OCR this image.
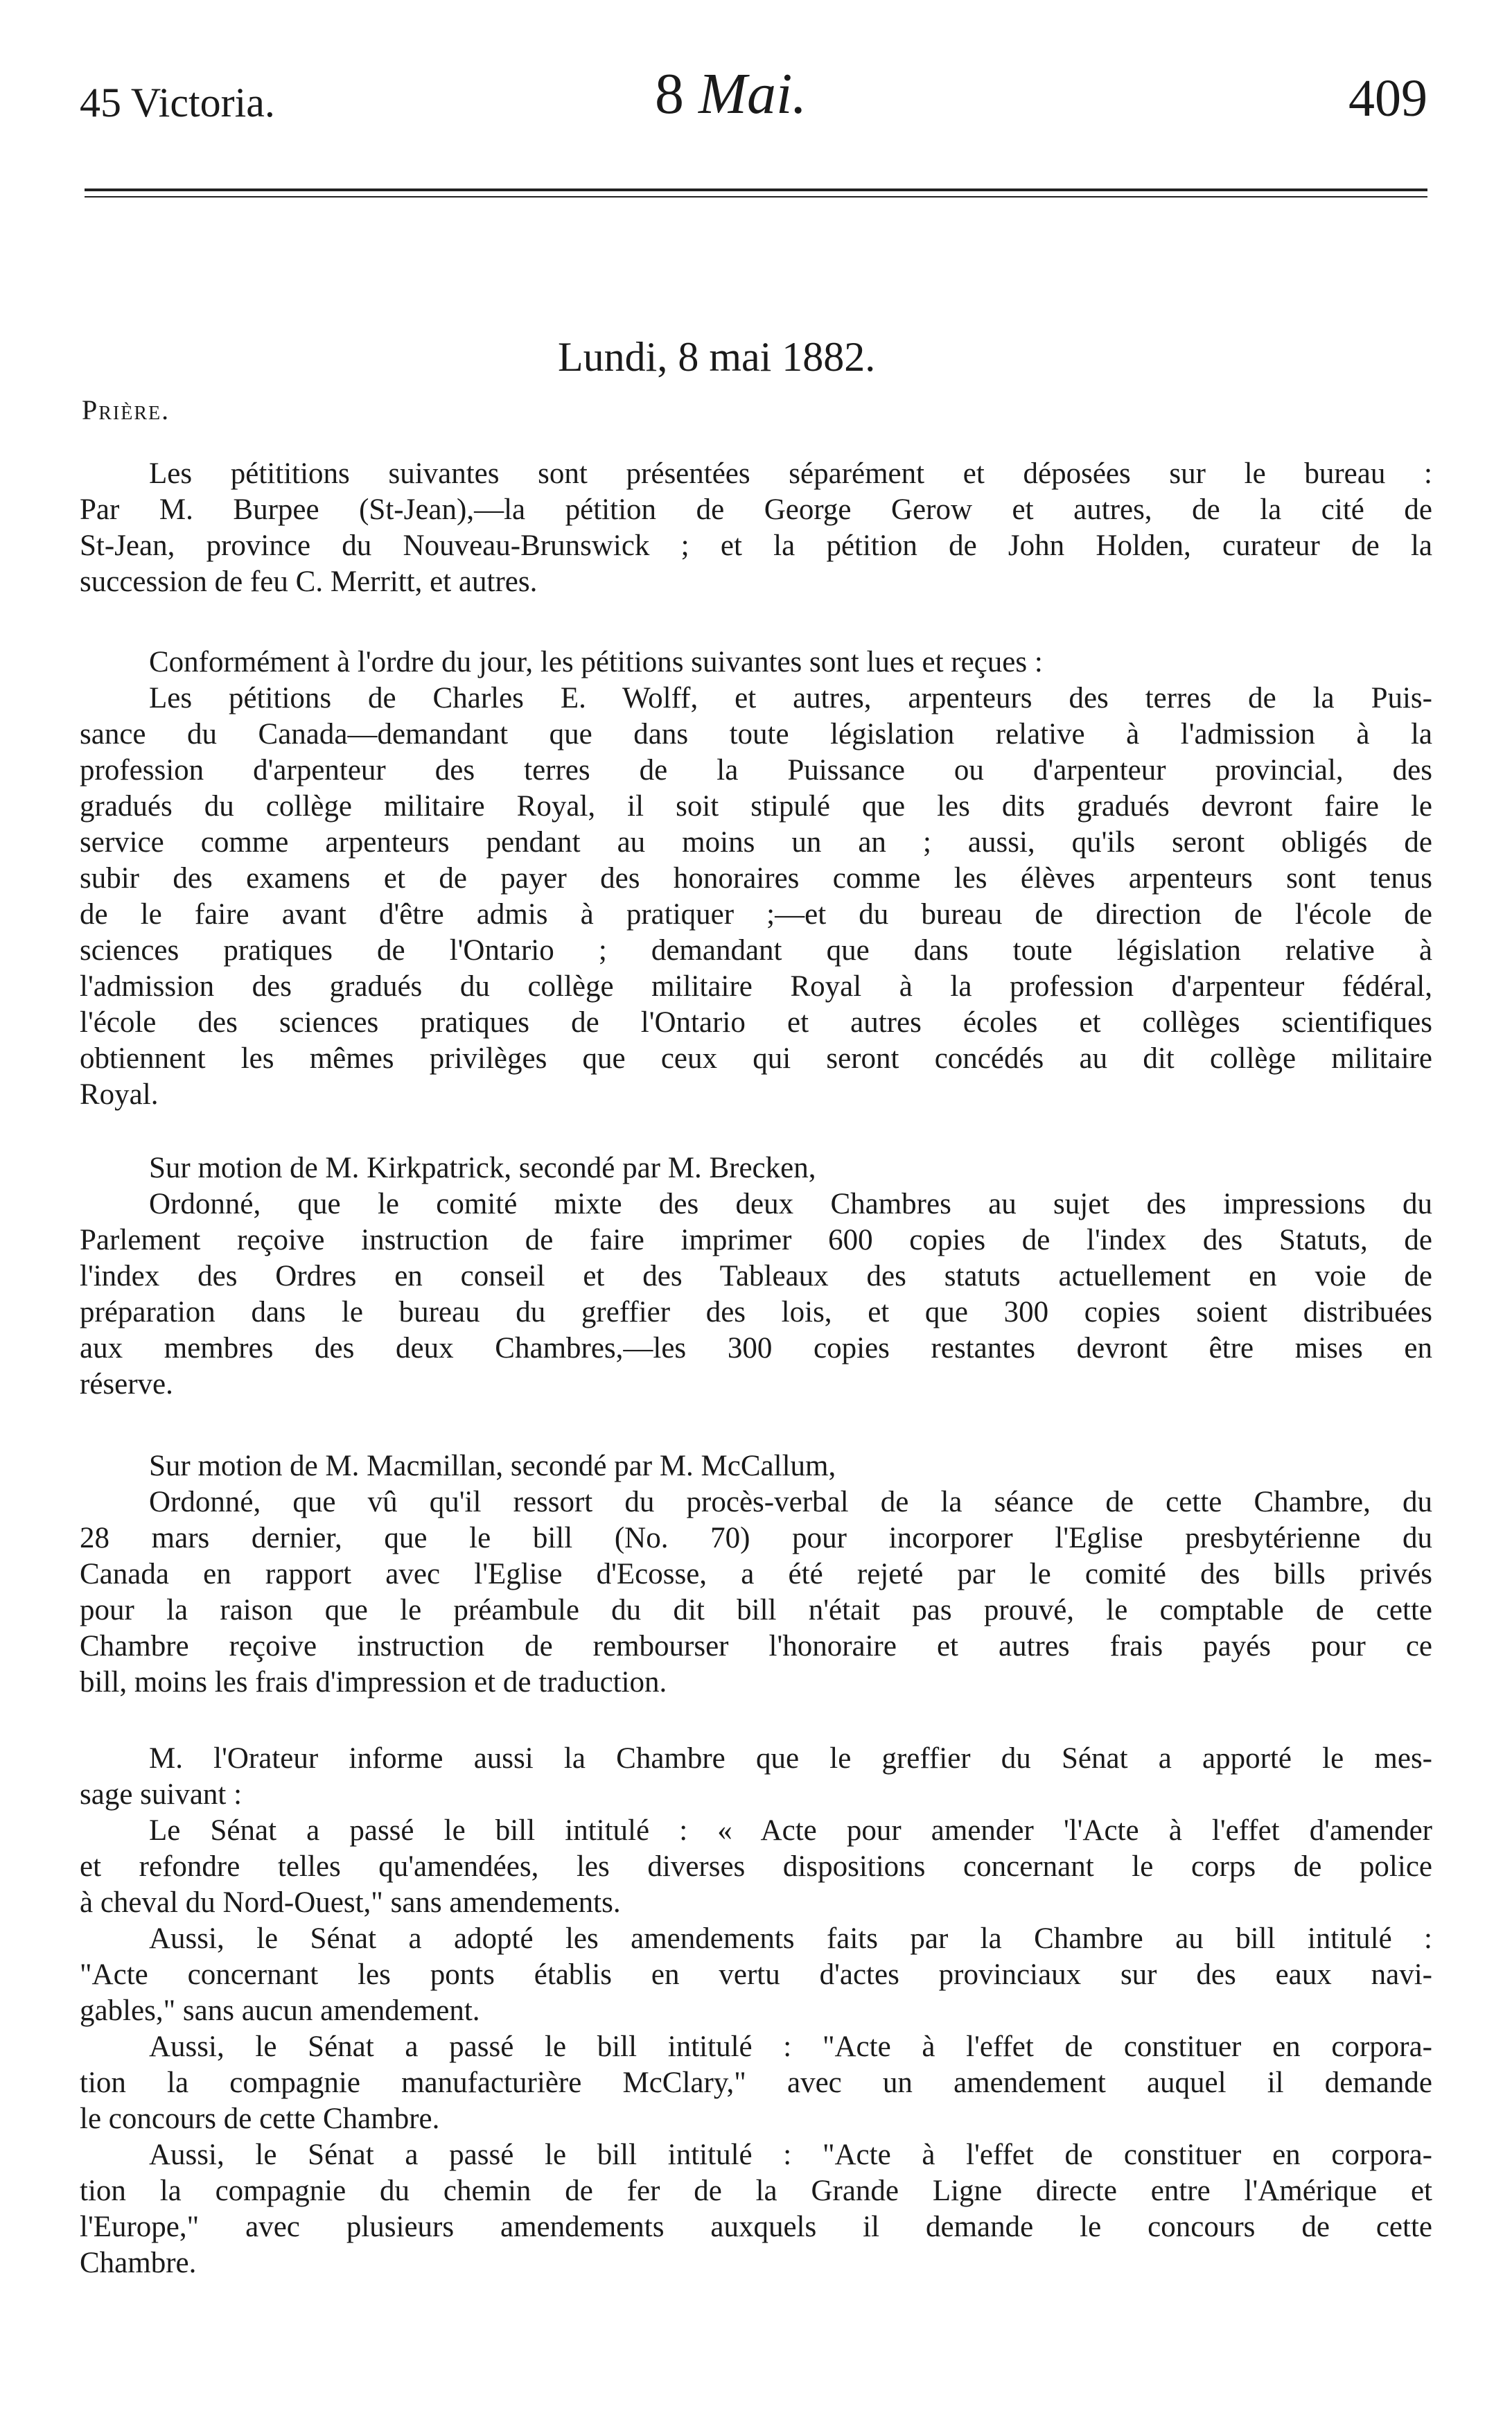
45 Victoria.	8 Mai.	409
Lundi, 8 mai 1882.
Prière.
Les pétititions suivantes sont présentées séparément et déposées sur le bureau :
Par M. Burpee (St-Jean),—la pétition de George Gerow et autres, de la cité de
St-Jean, province du Nouveau-Brunswick ; et la pétition de John Holden, curateur de la
succession de feu C. Merritt, et autres.
Conformément à l'ordre du jour, les pétitions suivantes sont lues et reçues :
Les pétitions de Charles E. Wolff, et autres, arpenteurs des terres de la Puis-
sance du Canada—demandant que dans toute législation relative à l'admission à la
profession d'arpenteur des terres de la Puissance ou d'arpenteur provincial, des
gradués du collège militaire Royal, il soit stipulé que les dits gradués devront faire le
service comme arpenteurs pendant au moins un an ; aussi, qu'ils seront obligés de
subir des examens et de payer des honoraires comme les élèves arpenteurs sont tenus
de le faire avant d'être admis à pratiquer ;—et du bureau de direction de l'école de
sciences pratiques de l'Ontario ; demandant que dans toute législation relative à
l'admission des gradués du collège militaire Royal à la profession d'arpenteur fédéral,
l'école des sciences pratiques de l'Ontario et autres écoles et collèges scientifiques
obtiennent les mêmes privilèges que ceux qui seront concédés au dit collège militaire
Royal.
Sur motion de M. Kirkpatrick, secondé par M. Brecken,
Ordonné, que le comité mixte des deux Chambres au sujet des impressions du
Parlement reçoive instruction de faire imprimer 600 copies de l'index des Statuts, de
l'index des Ordres en conseil et des Tableaux des statuts actuellement en voie de
préparation dans le bureau du greffier des lois, et que 300 copies soient distribuées
aux membres des deux Chambres,—les 300 copies restantes devront être mises en
réserve.
Sur motion de M. Macmillan, secondé par M. McCallum,
Ordonné, que vû qu'il ressort du procès-verbal de la séance de cette Chambre, du
28 mars dernier, que le bill (No. 70) pour incorporer l'Eglise presbytérienne du
Canada en rapport avec l'Eglise d'Ecosse, a été rejeté par le comité des bills privés
pour la raison que le préambule du dit bill n'était pas prouvé, le comptable de cette
Chambre reçoive instruction de rembourser l'honoraire et autres frais payés pour ce
bill, moins les frais d'impression et de traduction.
M. l'Orateur informe aussi la Chambre que le greffier du Sénat a apporté le mes-
sage suivant :
Le Sénat a passé le bill intitulé : « Acte pour amender 'l'Acte à l'effet d'amender
et refondre telles qu'amendées, les diverses dispositions concernant le corps de police
à cheval du Nord-Ouest," sans amendements.
Aussi, le Sénat a adopté les amendements faits par la Chambre au bill intitulé :
"Acte concernant les ponts établis en vertu d'actes provinciaux sur des eaux navi-
gables," sans aucun amendement.
Aussi, le Sénat a passé le bill intitulé : "Acte à l'effet de constituer en corpora-
tion la compagnie manufacturière McClary," avec un amendement auquel il demande
le concours de cette Chambre.
Aussi, le Sénat a passé le bill intitulé : "Acte à l'effet de constituer en corpora-
tion la compagnie du chemin de fer de la Grande Ligne directe entre l'Amérique et
l'Europe," avec plusieurs amendements auxquels il demande le concours de cette
Chambre.
